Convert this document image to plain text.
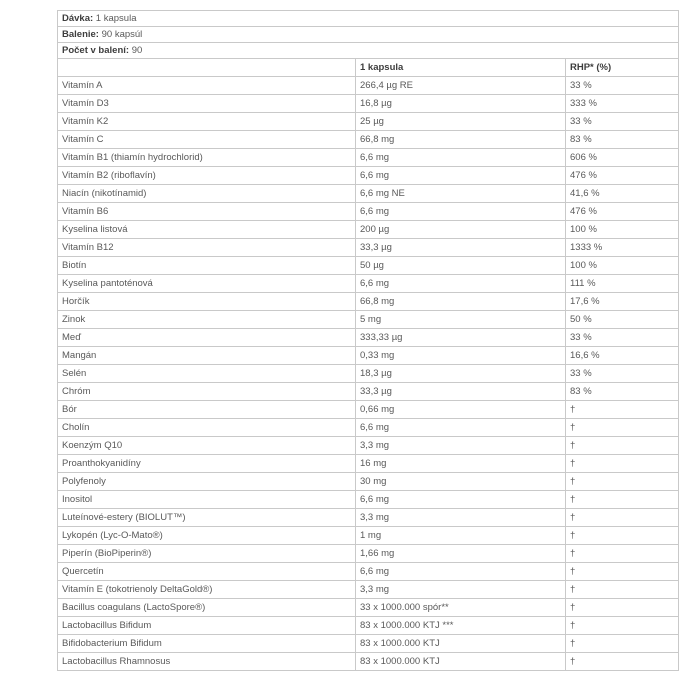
Dávka: 1 kapsula		
Balenie: 90 kapsúl		
Počet v balení: 90		
	1 kapsula	RHP* (%)
Vitamín A	266,4 µg RE	33 %
Vitamín D3	16,8 µg	333 %
Vitamín K2	25 µg	33 %
Vitamín C	66,8 mg	83 %
Vitamín B1 (thiamín hydrochlorid)	6,6 mg	606 %
Vitamín B2 (riboflavín)	6,6 mg	476 %
Niacín (nikotínamid)	6,6 mg NE	41,6 %
Vitamín B6	6,6 mg	476 %
Kyselina listová	200 µg	100 %
Vitamín B12	33,3 µg	1333 %
Biotín	50 µg	100 %
Kyselina pantoténová	6,6 mg	111 %
Horčík	66,8 mg	17,6 %
Zinok	5 mg	50 %
Meď	333,33 µg	33 %
Mangán	0,33 mg	16,6 %
Selén	18,3 µg	33 %
Chróm	33,3 µg	83 %
Bór	0,66 mg	†
Cholín	6,6 mg	†
Koenzým Q10	3,3 mg	†
Proanthokyanidíny	16 mg	†
Polyfenoly	30 mg	†
Inositol	6,6 mg	†
Luteínové-estery (BIOLUT™)	3,3 mg	†
Lykopén (Lyc-O-Mato®)	1 mg	†
Piperín (BioPiperin®)	1,66 mg	†
Quercetín	6,6 mg	†
Vitamín E (tokotrienoly DeltaGold®)	3,3 mg	†
Bacillus coagulans (LactoSpore®)	33 x 1000.000 spór**	†
Lactobacillus Bifidum	83 x 1000.000 KTJ ***	†
Bifidobacterium Bifidum	83 x 1000.000 KTJ	†
Lactobacillus Rhamnosus	83 x 1000.000 KTJ	†
